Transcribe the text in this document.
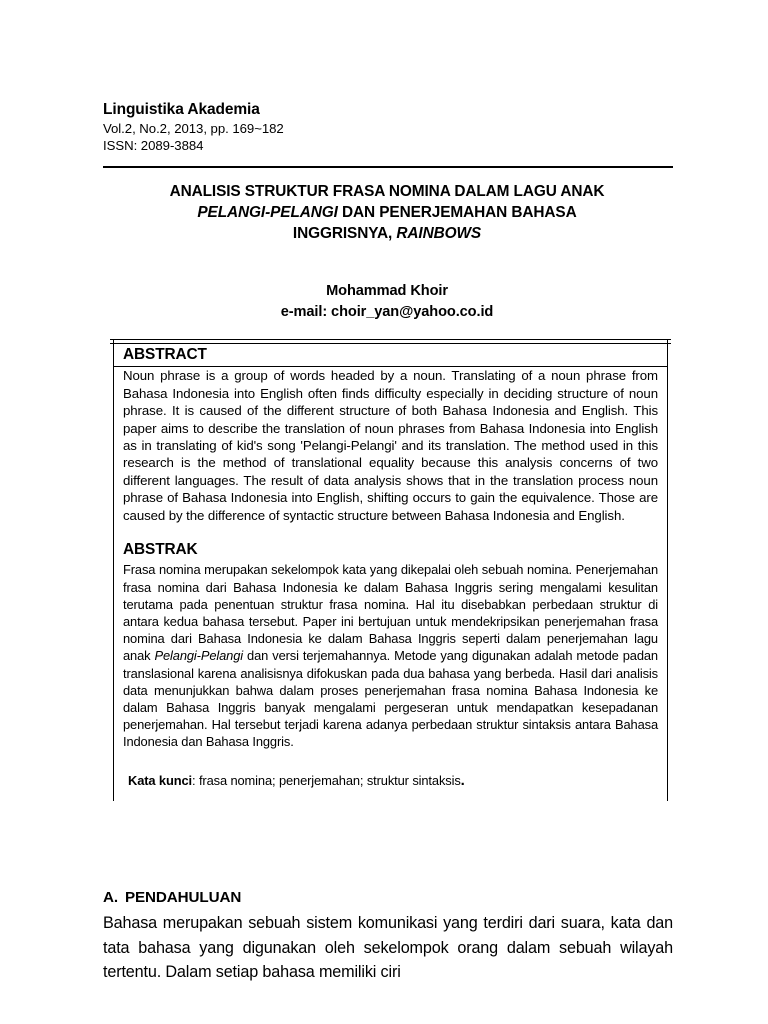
Linguistika Akademia
Vol.2, No.2, 2013, pp. 169~182
ISSN: 2089-3884
ANALISIS STRUKTUR FRASA NOMINA DALAM LAGU ANAK
PELANGI-PELANGI DAN PENERJEMAHAN BAHASA
INGGRISNYA, RAINBOWS
Mohammad Khoir
e-mail: choir_yan@yahoo.co.id
ABSTRACT
Noun phrase is a group of words headed by a noun. Translating of a noun phrase from Bahasa Indonesia into English often finds difficulty especially in deciding structure of noun phrase. It is caused of the different structure of both Bahasa Indonesia and English. This paper aims to describe the translation of noun phrases from Bahasa Indonesia into English as in translating of kid's song 'Pelangi-Pelangi' and its translation. The method used in this research is the method of translational equality because this analysis concerns of two different languages. The result of data analysis shows that in the translation process noun phrase of Bahasa Indonesia into English, shifting occurs to gain the equivalence. Those are caused by the difference of syntactic structure between Bahasa Indonesia and English.
ABSTRAK
Frasa nomina merupakan sekelompok kata yang dikepalai oleh sebuah nomina. Penerjemahan frasa nomina dari Bahasa Indonesia ke dalam Bahasa Inggris sering mengalami kesulitan terutama pada penentuan struktur frasa nomina. Hal itu disebabkan perbedaan struktur di antara kedua bahasa tersebut. Paper ini bertujuan untuk mendekripsikan penerjemahan frasa nomina dari Bahasa Indonesia ke dalam Bahasa Inggris seperti dalam penerjemahan lagu anak Pelangi-Pelangi dan versi terjemahannya. Metode yang digunakan adalah metode padan translasional karena analisisnya difokuskan pada dua bahasa yang berbeda. Hasil dari analisis data menunjukkan bahwa dalam proses penerjemahan frasa nomina Bahasa Indonesia ke dalam Bahasa Inggris banyak mengalami pergeseran untuk mendapatkan kesepadanan penerjemahan. Hal tersebut terjadi karena adanya perbedaan struktur sintaksis antara Bahasa Indonesia dan Bahasa Inggris.
Kata kunci: frasa nomina; penerjemahan; struktur sintaksis.
A. PENDAHULUAN
Bahasa merupakan sebuah sistem komunikasi yang terdiri dari suara, kata dan tata bahasa yang digunakan oleh sekelompok orang dalam sebuah wilayah tertentu. Dalam setiap bahasa memiliki ciri
